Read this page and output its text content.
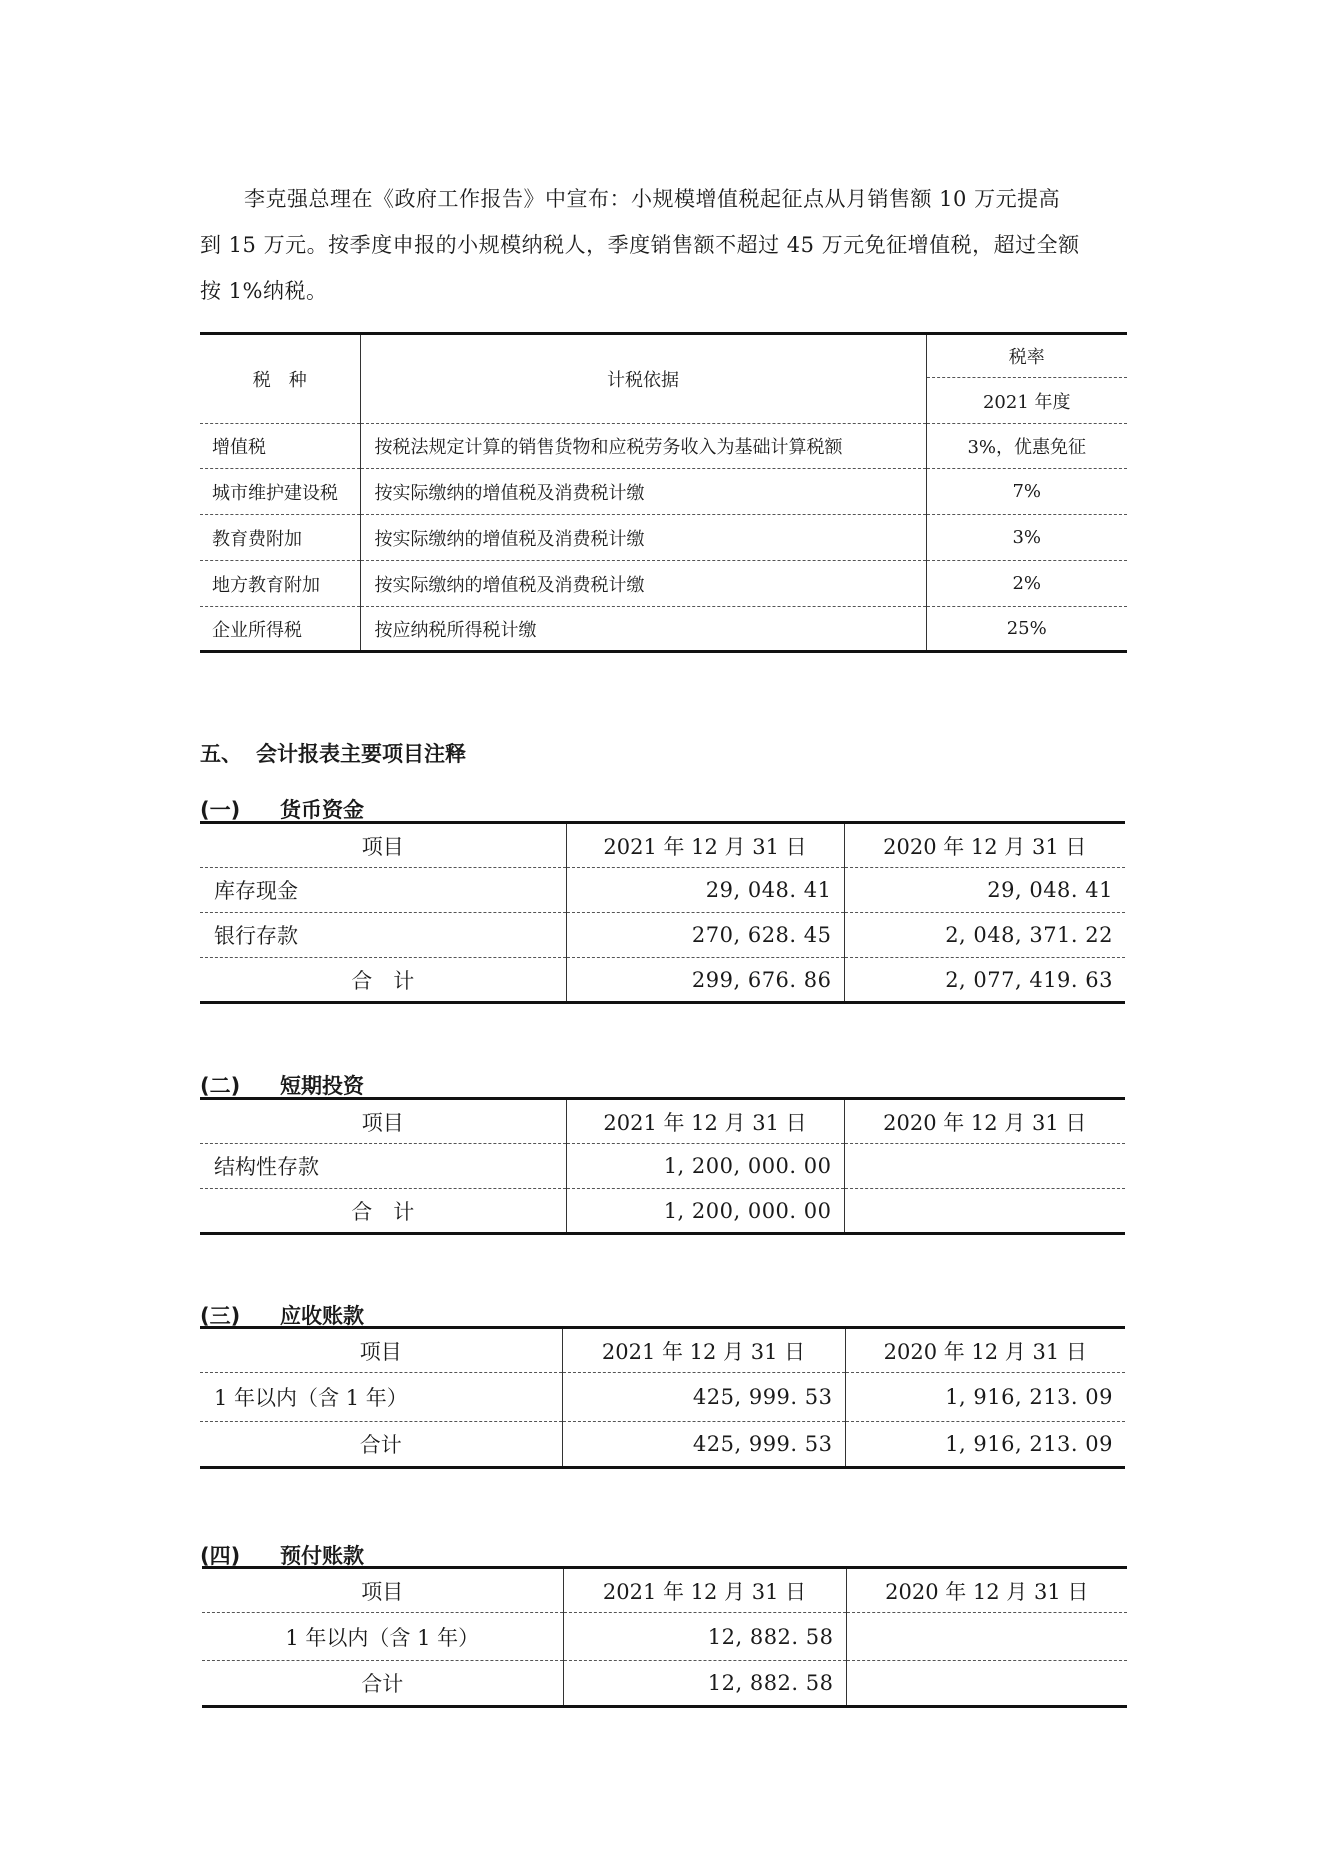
李克强总理在《政府工作报告》中宣布：小规模增值税起征点从月销售额 10 万元提高

到 15 万元。按季度申报的小规模纳税人，季度销售额不超过 45 万元免征增值税，超过全额

按 1%纳税。

税　种	计税依据	税率
		2021 年度
增值税	按税法规定计算的销售货物和应税劳务收入为基础计算税额	3%，优惠免征
城市维护建设税	按实际缴纳的增值税及消费税计缴	7%
教育费附加	按实际缴纳的增值税及消费税计缴	3%
地方教育附加	按实际缴纳的增值税及消费税计缴	2%
企业所得税	按应纳税所得税计缴	25%
五、 会计报表主要项目注释
(一) 货币资金
项目	2021 年 12 月 31 日	2020 年 12 月 31 日
库存现金	29, 048. 41	29, 048. 41
银行存款	270, 628. 45	2, 048, 371. 22
合　计	299, 676. 86	2, 077, 419. 63
(二) 短期投资
项目	2021 年 12 月 31 日	2020 年 12 月 31 日
结构性存款	1, 200, 000. 00	
合　计	1, 200, 000. 00	
(三) 应收账款
项目	2021 年 12 月 31 日	2020 年 12 月 31 日
1 年以内（含 1 年）	425, 999. 53	1, 916, 213. 09
合计	425, 999. 53	1, 916, 213. 09
(四) 预付账款
项目	2021 年 12 月 31 日	2020 年 12 月 31 日
1 年以内（含 1 年）	12, 882. 58	
合计	12, 882. 58	
